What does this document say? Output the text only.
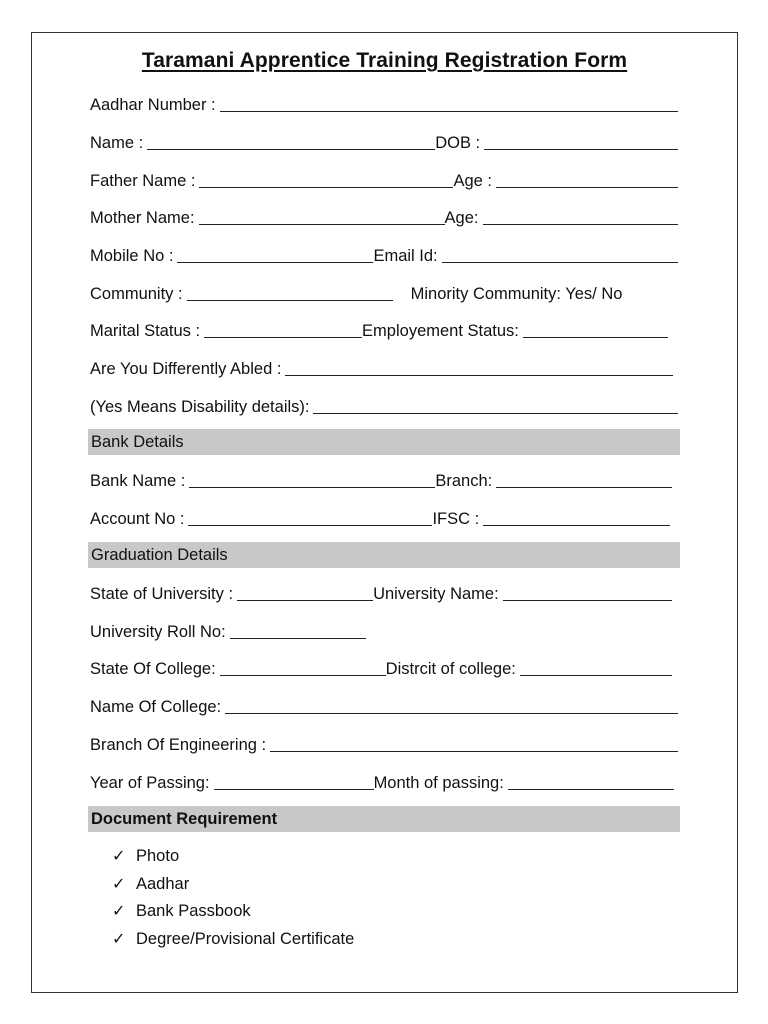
Taramani Apprentice Training Registration Form
Aadhar Number :
Name :	DOB :
Father Name :	Age :
Mother Name:	Age:
Mobile No :	Email Id:
Community :	Minority Community: Yes/ No
Marital Status :	Employement Status:
Are You Differently Abled :
(Yes Means Disability details):
Bank Details
Bank Name :	Branch:
Account No :	IFSC :
Graduation Details
State of University :	University Name:
University Roll No:
State Of College:	Distrcit of college:
Name Of College:
Branch Of Engineering :
Year of Passing:	Month of passing:
Document Requirement
✓ Photo
✓ Aadhar
✓ Bank Passbook
✓ Degree/Provisional Certificate
